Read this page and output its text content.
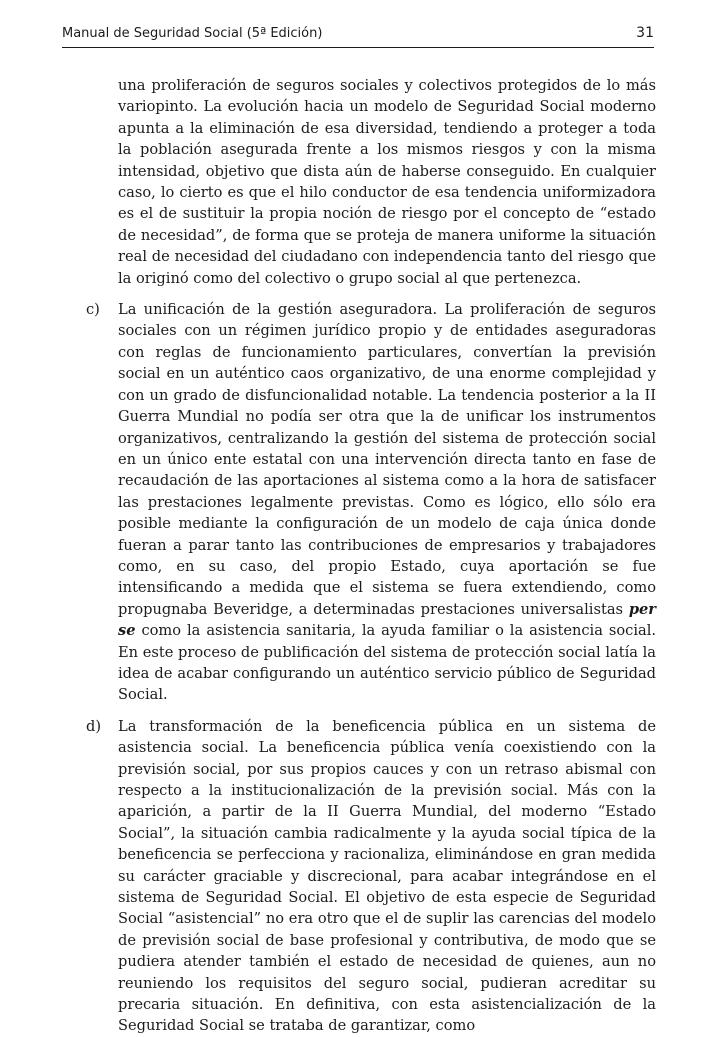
Manual de Seguridad Social (5ª Edición)	31

una proliferación de seguros sociales y colectivos protegidos de lo más variopinto. La evolución hacia un modelo de Seguridad Social moderno apunta a la eliminación de esa diversidad, tendiendo a proteger a toda la población asegurada frente a los mismos riesgos y con la misma intensidad, objetivo que dista aún de haberse conseguido. En cualquier caso, lo cierto es que el hilo conductor de esa tendencia uniformizadora es el de sustituir la propia noción de riesgo por el concepto de “estado de necesidad”, de forma que se proteja de manera uniforme la situación real de necesidad del ciudadano con independencia tanto del riesgo que la originó como del colectivo o grupo social al que pertenezca.

c) La unificación de la gestión aseguradora. La proliferación de seguros sociales con un régimen jurídico propio y de entidades aseguradoras con reglas de funcionamiento particulares, convertían la previsión social en un auténtico caos organizativo, de una enorme complejidad y con un grado de disfuncionalidad notable. La tendencia posterior a la II Guerra Mundial no podía ser otra que la de unificar los instrumentos organizativos, centralizando la gestión del sistema de protección social en un único ente estatal con una intervención directa tanto en fase de recaudación de las aportaciones al sistema como a la hora de satisfacer las prestaciones legalmente previstas. Como es lógico, ello sólo era posible mediante la configuración de un modelo de caja única donde fueran a parar tanto las contribuciones de empresarios y trabajadores como, en su caso, del propio Estado, cuya aportación se fue intensificando a medida que el sistema se fuera extendiendo, como propugnaba Beveridge, a determinadas prestaciones universalistas per se como la asistencia sanitaria, la ayuda familiar o la asistencia social. En este proceso de publificación del sistema de protección social latía la idea de acabar configurando un auténtico servicio público de Seguridad Social.
d) La transformación de la beneficencia pública en un sistema de asistencia social. La beneficencia pública venía coexistiendo con la previsión social, por sus propios cauces y con un retraso abismal con respecto a la institucionalización de la previsión social. Más con la aparición, a partir de la II Guerra Mundial, del moderno “Estado Social”, la situación cambia radicalmente y la ayuda social típica de la beneficencia se perfecciona y racionaliza, eliminándose en gran medida su carácter graciable y discrecional, para acabar integrándose en el sistema de Seguridad Social. El objetivo de esta especie de Seguridad Social “asistencial” no era otro que el de suplir las carencias del modelo de previsión social de base profesional y contributiva, de modo que se pudiera atender también el estado de necesidad de quienes, aun no reuniendo los requisitos del seguro social, pudieran acreditar su precaria situación. En definitiva, con esta asistencialización de la Seguridad Social se trataba de garantizar, como
